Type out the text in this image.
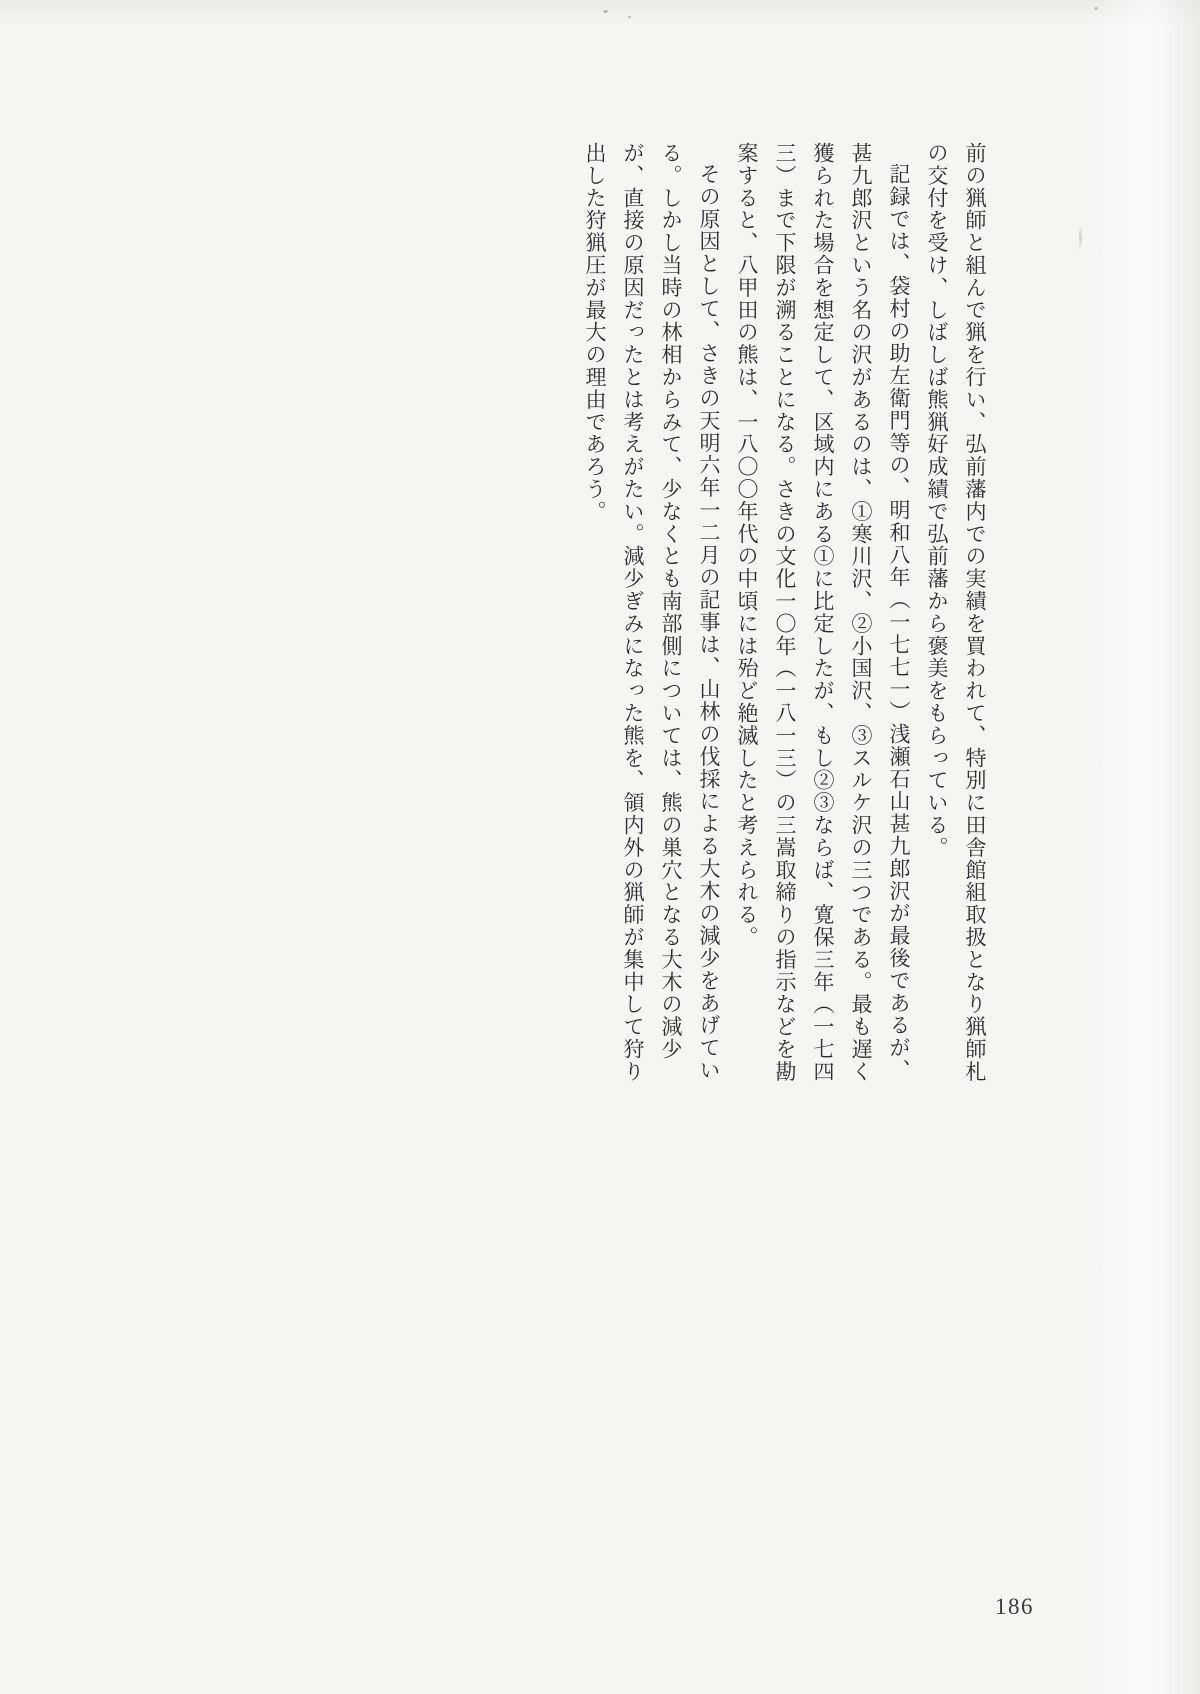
前の猟師と組んで猟を行い、弘前藩内での実績を買われて、特別に田舎館組取扱となり猟師札の交付を受け、しばしば熊猟好成績で弘前藩から褒美をもらっている。

記録では、袋村の助左衛門等の、明和八年（一七七一）浅瀬石山甚九郎沢が最後であるが、甚九郎沢という名の沢があるのは、①寒川沢、②小国沢、③スルケ沢の三つである。最も遅く獲られた場合を想定して、区域内にある①に比定したが、もし②③ならば、寛保三年（一七四三）まで下限が溯ることになる。さきの文化一〇年（一八一三）の三嵩取締りの指示などを勘案すると、八甲田の熊は、一八〇〇年代の中頃には殆ど絶滅したと考えられる。

その原因として、さきの天明六年一二月の記事は、山林の伐採による大木の減少をあげている。しかし当時の林相からみて、少なくとも南部側については、熊の巣穴となる大木の減少が、直接の原因だったとは考えがたい。減少ぎみになった熊を、領内外の猟師が集中して狩り出した狩猟圧が最大の理由であろう。

186
